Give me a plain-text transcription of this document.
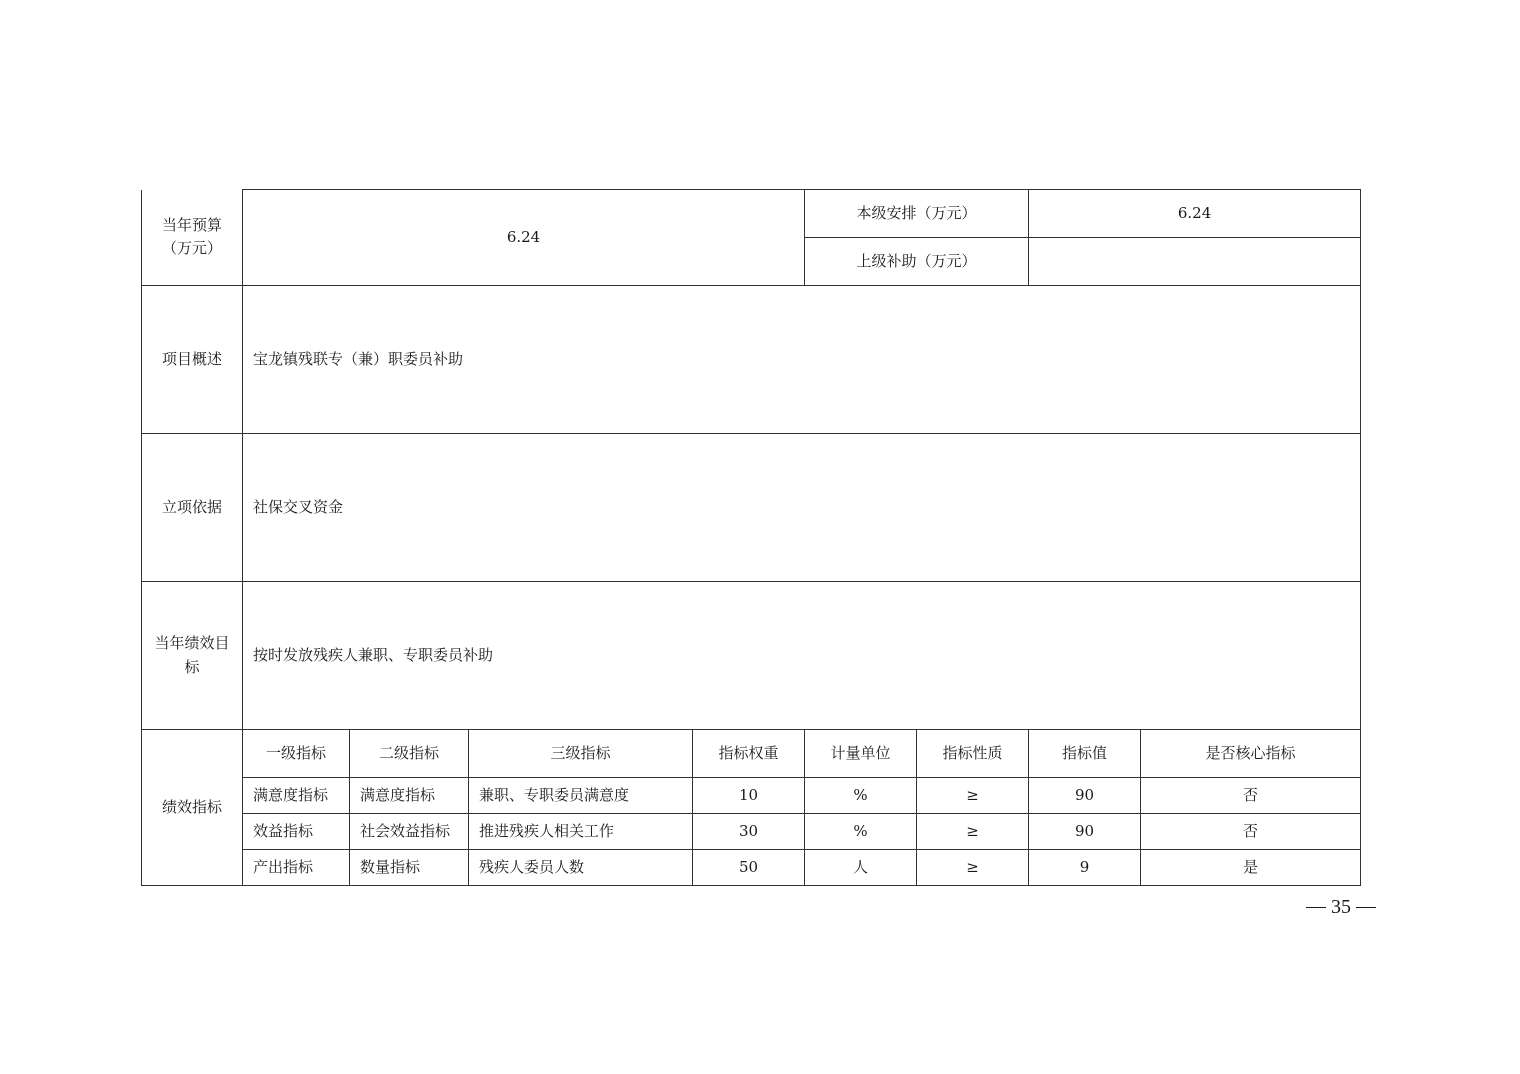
当年预算（万元）	6.24				本级安排（万元）		6.24	
					上级补助（万元）			
项目概述	宝龙镇残联专（兼）职委员补助							
立项依据	社保交叉资金							
当年绩效目标	按时发放残疾人兼职、专职委员补助							
绩效指标	一级指标	二级指标	三级指标	指标权重	计量单位	指标性质	指标值	是否核心指标
	满意度指标	满意度指标	兼职、专职委员满意度	10	%	≥	90	否
	效益指标	社会效益指标	推进残疾人相关工作	30	%	≥	90	否
	产出指标	数量指标	残疾人委员人数	50	人	≥	9	是
35
